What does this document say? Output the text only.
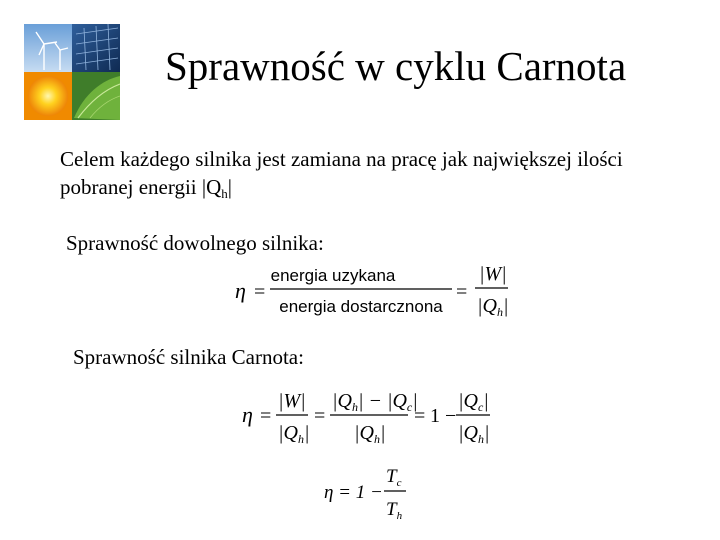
Sprawność w cyklu Carnota
Celem każdego silnika jest zamiana na pracę jak największej ilości pobranej energii $|Q_h|$
Sprawność dowolnego silnika:
η =
energia uzykana
energia dostarcznona
=
|W|
$|Q_h|$
Sprawność silnika Carnota:
η =
|W|
$|Q_h|$
=
$|Q_h| - |Q_c|$
$|Q_h|$
= 1 −
$|Q_c|$
$|Q_h|$
η = 1 −
$T_c$
$T_h$
